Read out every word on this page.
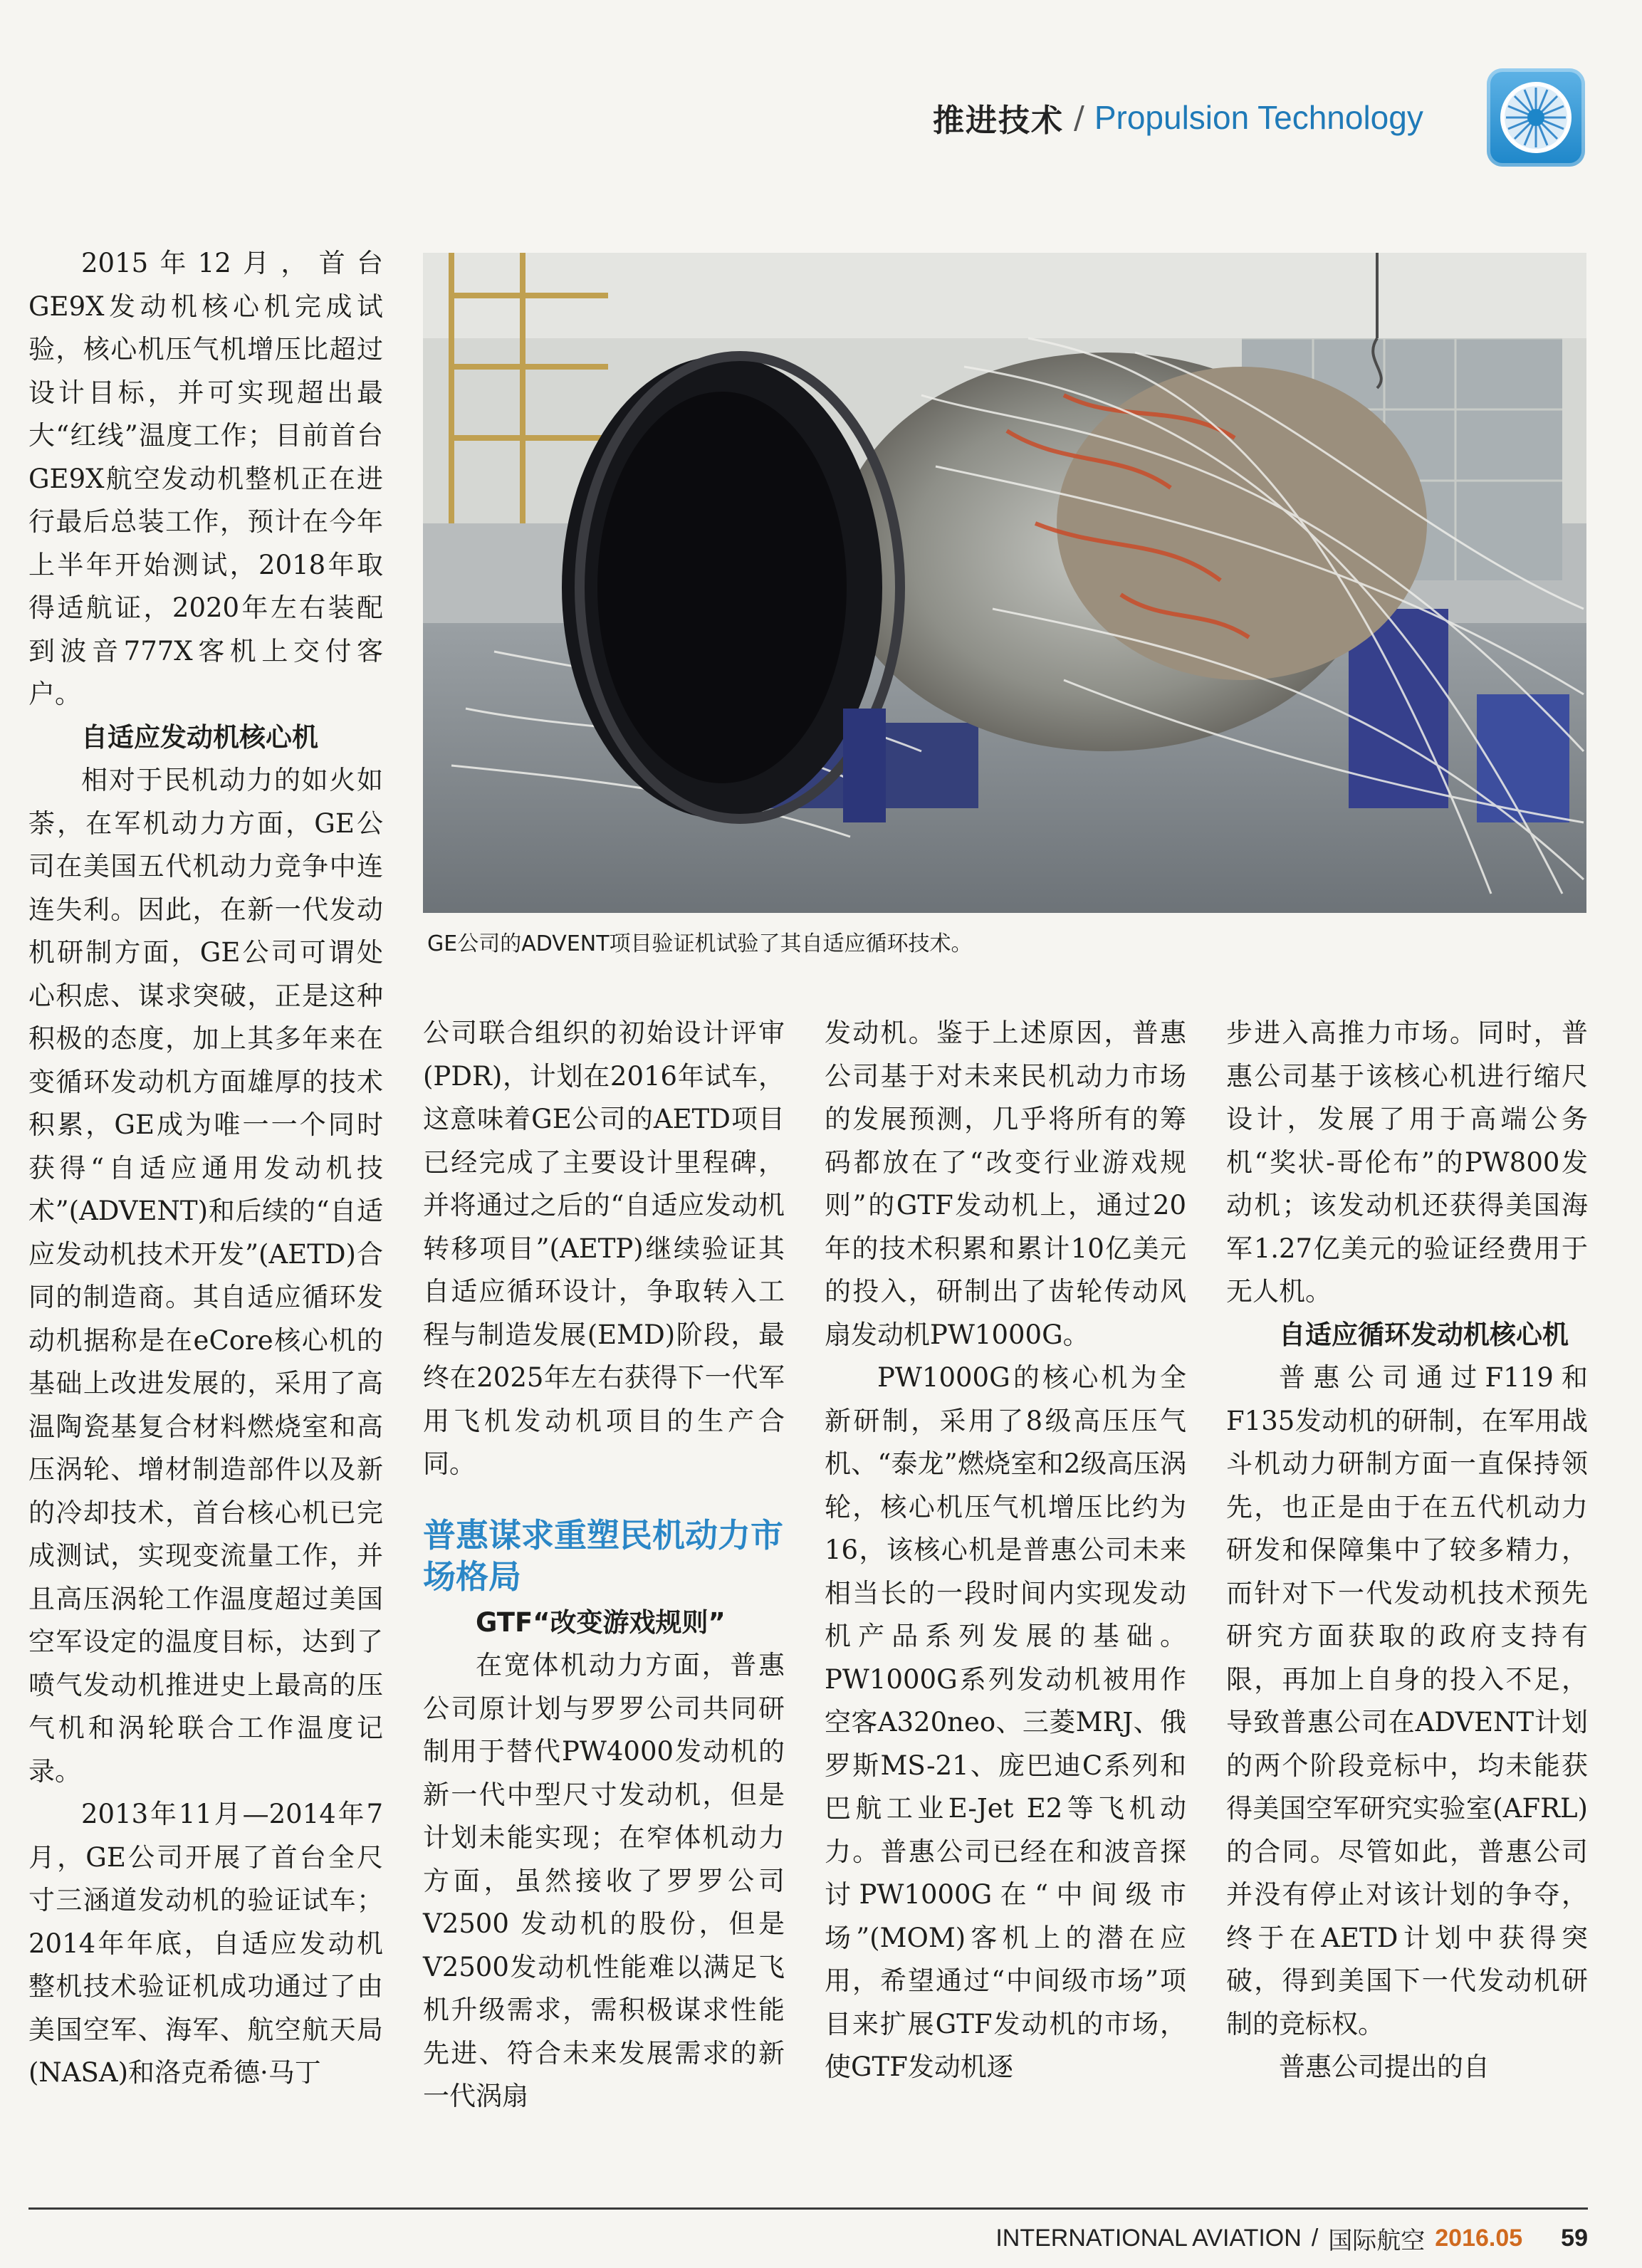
推进技术 / Propulsion Technology
GE公司的ADVENT项目验证机试验了其自适应循环技术。

2015年12月，首台GE9X发动机核心机完成试验，核心机压气机增压比超过设计目标，并可实现超出最大“红线”温度工作；目前首台GE9X航空发动机整机正在进行最后总装工作，预计在今年上半年开始测试，2018年取得适航证，2020年左右装配到波音777X客机上交付客户。

自适应发动机核心机

相对于民机动力的如火如荼，在军机动力方面，GE公司在美国五代机动力竞争中连连失利。因此，在新一代发动机研制方面，GE公司可谓处心积虑、谋求突破，正是这种积极的态度，加上其多年来在变循环发动机方面雄厚的技术积累，GE成为唯一一个同时获得“自适应通用发动机技术”(ADVENT)和后续的“自适应发动机技术开发”(AETD)合同的制造商。其自适应循环发动机据称是在eCore核心机的基础上改进发展的，采用了高温陶瓷基复合材料燃烧室和高压涡轮、增材制造部件以及新的冷却技术，首台核心机已完成测试，实现变流量工作，并且高压涡轮工作温度超过美国空军设定的温度目标，达到了喷气发动机推进史上最高的压气机和涡轮联合工作温度记录。

2013年11月—2014年7月，GE公司开展了首台全尺寸三涵道发动机的验证试车；2014年年底，自适应发动机整机技术验证机成功通过了由美国空军、海军、航空航天局(NASA)和洛克希德·马丁

公司联合组织的初始设计评审(PDR)，计划在2016年试车，这意味着GE公司的AETD项目已经完成了主要设计里程碑，并将通过之后的“自适应发动机转移项目”(AETP)继续验证其自适应循环设计，争取转入工程与制造发展(EMD)阶段，最终在2025年左右获得下一代军用飞机发动机项目的生产合同。

普惠谋求重塑民机动力市场格局

GTF“改变游戏规则”

在宽体机动力方面，普惠公司原计划与罗罗公司共同研制用于替代PW4000发动机的新一代中型尺寸发动机，但是计划未能实现；在窄体机动力方面，虽然接收了罗罗公司V2500 发动机的股份，但是V2500发动机性能难以满足飞机升级需求，需积极谋求性能先进、符合未来发展需求的新一代涡扇

发动机。鉴于上述原因，普惠公司基于对未来民机动力市场的发展预测，几乎将所有的筹码都放在了“改变行业游戏规则”的GTF发动机上，通过20年的技术积累和累计10亿美元的投入，研制出了齿轮传动风扇发动机PW1000G。

PW1000G的核心机为全新研制，采用了8级高压压气机、“泰龙”燃烧室和2级高压涡轮，核心机压气机增压比约为16，该核心机是普惠公司未来相当长的一段时间内实现发动机产品系列发展的基础。PW1000G系列发动机被用作空客A320neo、三菱MRJ、俄罗斯MS-21、庞巴迪C系列和巴航工业E-Jet E2等飞机动力。普惠公司已经在和波音探讨PW1000G在“中间级市场”(MOM)客机上的潜在应用，希望通过“中间级市场”项目来扩展GTF发动机的市场，使GTF发动机逐

步进入高推力市场。同时，普惠公司基于该核心机进行缩尺设计，发展了用于高端公务机“奖状-哥伦布”的PW800发动机；该发动机还获得美国海军1.27亿美元的验证经费用于无人机。

自适应循环发动机核心机

普惠公司通过F119和F135发动机的研制，在军用战斗机动力研制方面一直保持领先，也正是由于在五代机动力研发和保障集中了较多精力，而针对下一代发动机技术预先研究方面获取的政府支持有限，再加上自身的投入不足，导致普惠公司在ADVENT计划的两个阶段竞标中，均未能获得美国空军研究实验室(AFRL)的合同。尽管如此，普惠公司并没有停止对该计划的争夺，终于在AETD计划中获得突破，得到美国下一代发动机研制的竞标权。

普惠公司提出的自

INTERNATIONAL AVIATION / 国际航空 2016.05 59
